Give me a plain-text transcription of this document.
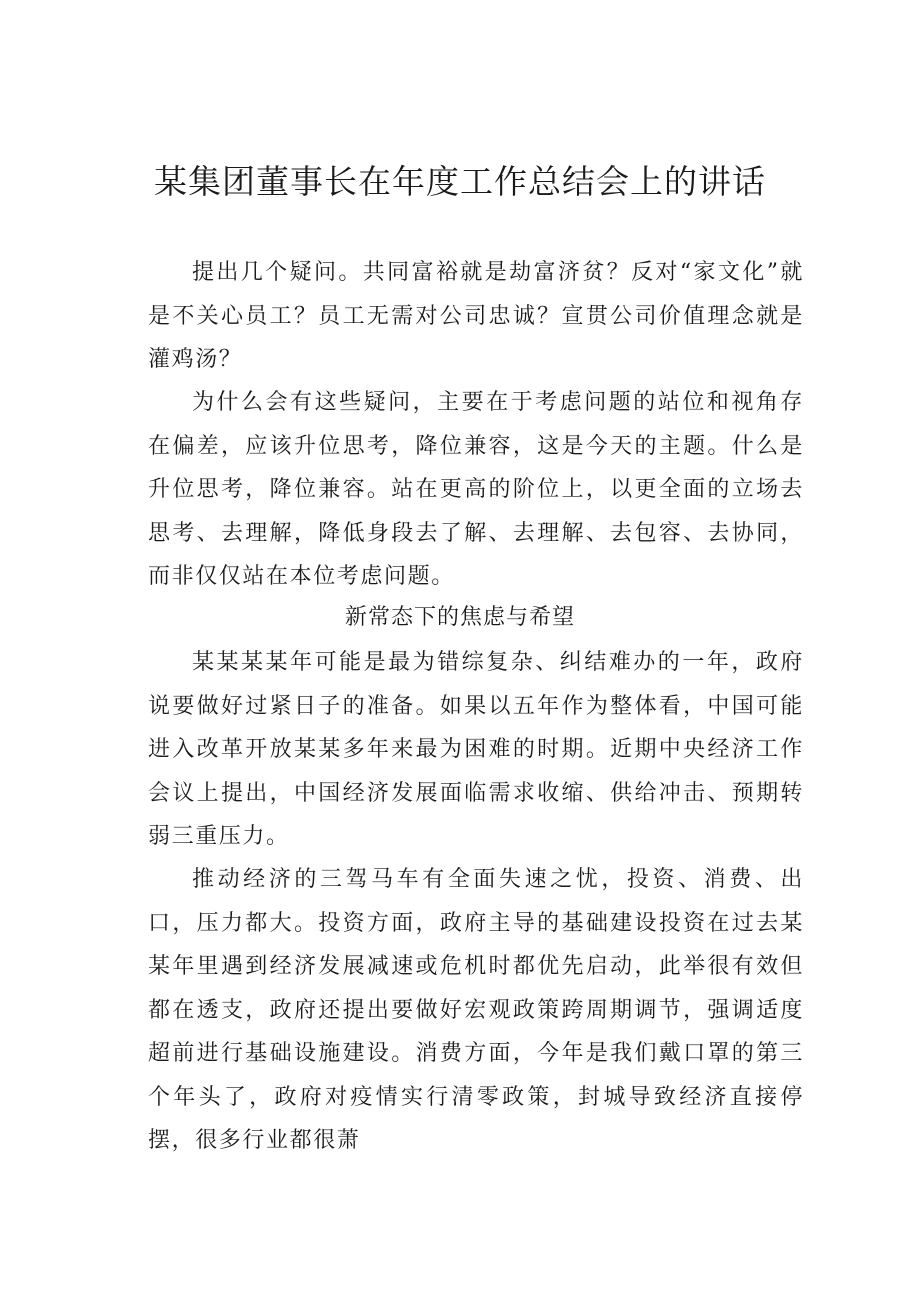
某集团董事长在年度工作总结会上的讲话

提出几个疑问。共同富裕就是劫富济贫？反对“家文化”就是不关心员工？员工无需对公司忠诚？宣贯公司价值理念就是灌鸡汤？

为什么会有这些疑问，主要在于考虑问题的站位和视角存在偏差，应该升位思考，降位兼容，这是今天的主题。什么是升位思考，降位兼容。站在更高的阶位上，以更全面的立场去思考、去理解，降低身段去了解、去理解、去包容、去协同，而非仅仅站在本位考虑问题。

新常态下的焦虑与希望

某某某某年可能是最为错综复杂、纠结难办的一年，政府说要做好过紧日子的准备。如果以五年作为整体看，中国可能进入改革开放某某多年来最为困难的时期。近期中央经济工作会议上提出，中国经济发展面临需求收缩、供给冲击、预期转弱三重压力。

推动经济的三驾马车有全面失速之忧，投资、消费、出口，压力都大。投资方面，政府主导的基础建设投资在过去某某年里遇到经济发展减速或危机时都优先启动，此举很有效但都在透支，政府还提出要做好宏观政策跨周期调节，强调适度超前进行基础设施建设。消费方面，今年是我们戴口罩的第三个年头了，政府对疫情实行清零政策，封城导致经济直接停摆，很多行业都很萧
